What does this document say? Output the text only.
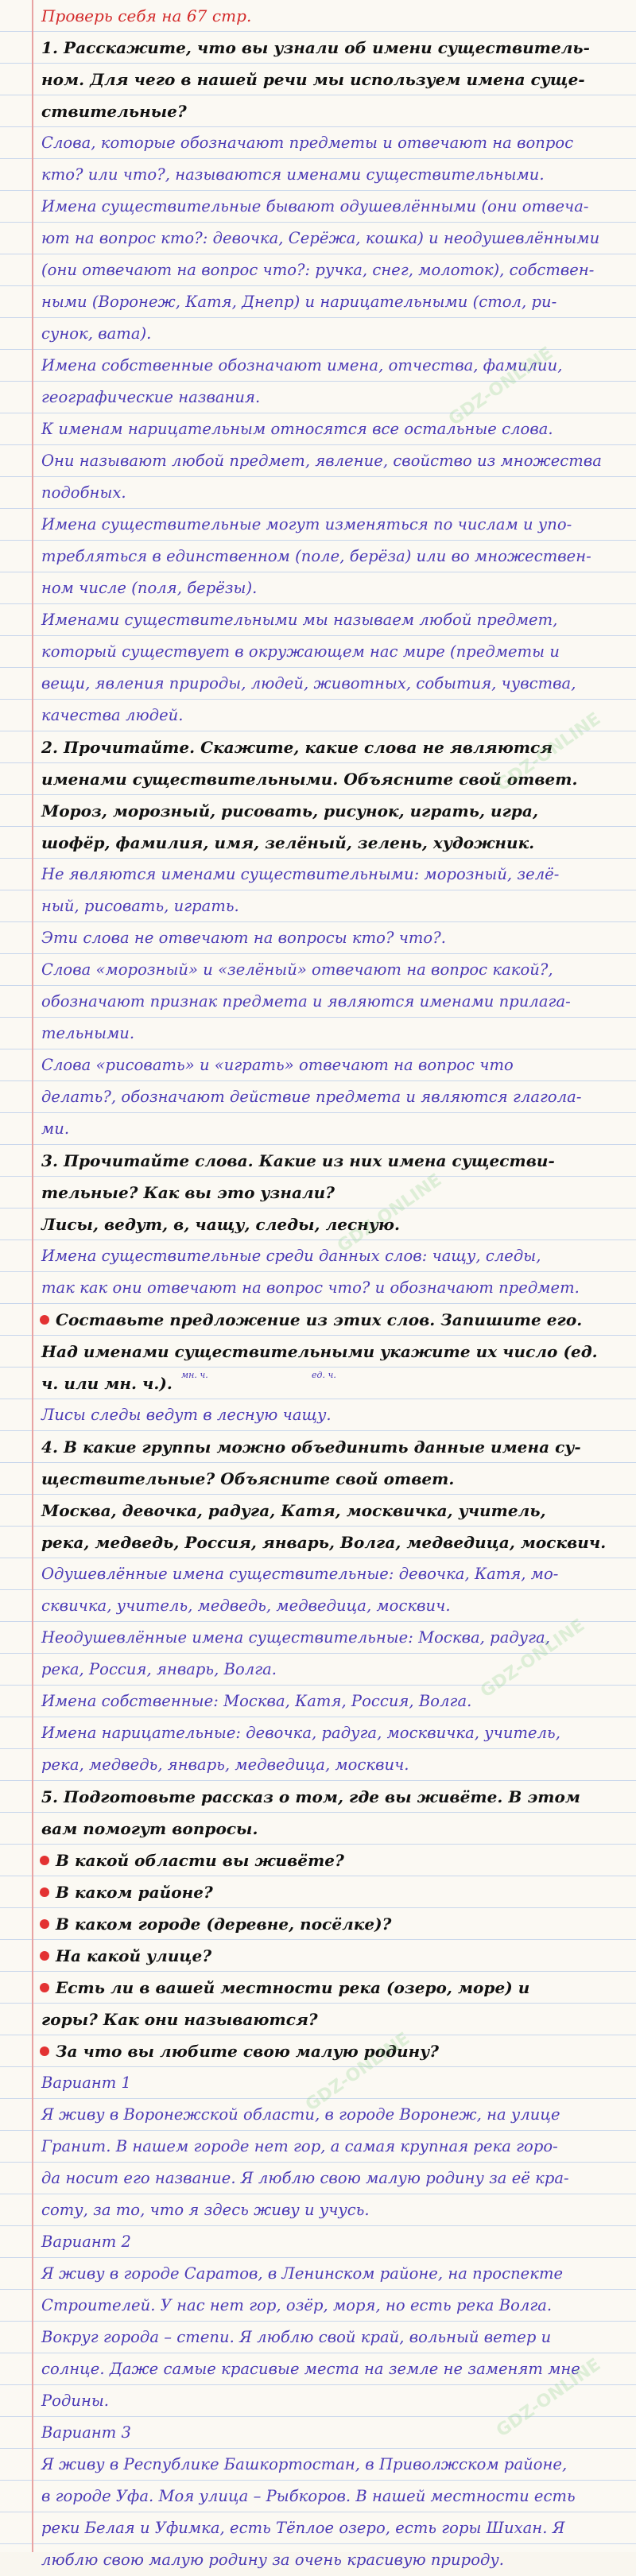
Проверь себя на 67 стр.
1. Расскажите, что вы узнали об имени существитель-
ном. Для чего в нашей речи мы используем имена суще-
ствительные?
Слова, которые обозначают предметы и отвечают на вопрос
кто? или что?, называются именами существительными.
Имена существительные бывают одушевлёнными (они отвеча-
ют на вопрос кто?: девочка, Серёжа, кошка) и неодушевлёнными
(они отвечают на вопрос что?: ручка, снег, молоток), собствен-
ными (Воронеж, Катя, Днепр) и нарицательными (стол, ри-
сунок, вата).
Имена собственные обозначают имена, отчества, фамилии,
географические названия.
К именам нарицательным относятся все остальные слова.
Они называют любой предмет, явление, свойство из множества
подобных.
Имена существительные могут изменяться по числам и упо-
требляться в единственном (поле, берёза) или во множествен-
ном числе (поля, берёзы).
Именами существительными мы называем любой предмет,
который существует в окружающем нас мире (предметы и
вещи, явления природы, людей, животных, события, чувства,
качества людей.
2. Прочитайте. Скажите, какие слова не являются
именами существительными. Объясните свой ответ.
Мороз, морозный, рисовать, рисунок, играть, игра,
шофёр, фамилия, имя, зелёный, зелень, художник.
Не являются именами существительными: морозный, зелё-
ный, рисовать, играть.
Эти слова не отвечают на вопросы кто? что?.
Слова «морозный» и «зелёный» отвечают на вопрос какой?,
обозначают признак предмета и являются именами прилага-
тельными.
Слова «рисовать» и «играть» отвечают на вопрос что
делать?, обозначают действие предмета и являются глагола-
ми.
3. Прочитайте слова. Какие из них имена существи-
тельные? Как вы это узнали?
Лисы, ведут, в, чащу, следы, лесную.
Имена существительные среди данных слов: чащу, следы,
так как они отвечают на вопрос что? и обозначают предмет.
Составьте предложение из этих слов. Запишите его.
Над именами существительными укажите их число (ед.
ч. или мн. ч.).
Лисы следы ведут в лесную чащу.
4. В какие группы можно объединить данные имена су-
ществительные? Объясните свой ответ.
Москва, девочка, радуга, Катя, москвичка, учитель,
река, медведь, Россия, январь, Волга, медведица, москвич.
Одушевлённые имена существительные: девочка, Катя, мо-
сквичка, учитель, медведь, медведица, москвич.
Неодушевлённые имена существительные: Москва, радуга,
река, Россия, январь, Волга.
Имена собственные: Москва, Катя, Россия, Волга.
Имена нарицательные: девочка, радуга, москвичка, учитель,
река, медведь, январь, медведица, москвич.
5. Подготовьте рассказ о том, где вы живёте. В этом
вам помогут вопросы.
В какой области вы живёте?
В каком районе?
В каком городе (деревне, посёлке)?
На какой улице?
Есть ли в вашей местности река (озеро, море) и
горы? Как они называются?
За что вы любите свою малую родину?
Вариант 1
Я живу в Воронежской области, в городе Воронеж, на улице
Гранит. В нашем городе нет гор, а самая крупная река горо-
да носит его название. Я люблю свою малую родину за её кра-
соту, за то, что я здесь живу и учусь.
Вариант 2
Я живу в городе Саратов, в Ленинском районе, на проспекте
Строителей. У нас нет гор, озёр, моря, но есть река Волга.
Вокруг города – степи. Я люблю свой край, вольный ветер и
солнце. Даже самые красивые места на земле не заменят мне
Родины.
Вариант 3
Я живу в Республике Башкортостан, в Приволжском районе,
в городе Уфа. Моя улица – Рыбкоров. В нашей местности есть
реки Белая и Уфимка, есть Тёплое озеро, есть горы Шихан. Я
люблю свою малую родину за очень красивую природу.
мн. ч.	ед. ч.
GDZ-ONLINE
GDZ-ONLINE
GDZ-ONLINE
GDZ-ONLINE
GDZ-ONLINE
GDZ-ONLINE
